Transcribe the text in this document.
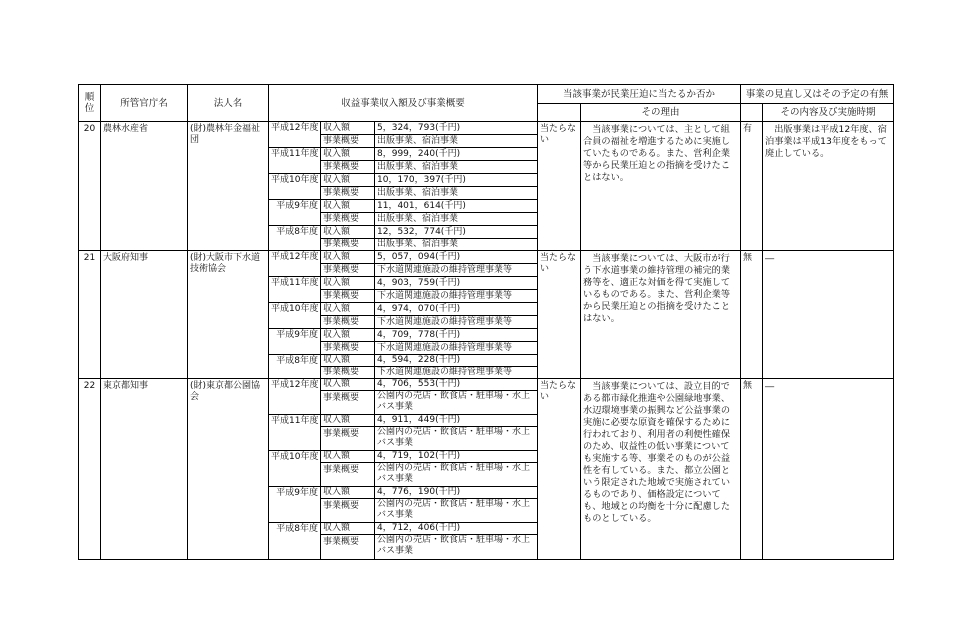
順位	所管官庁名	法人名	収益事業収入額及び事業概要			当該事業が民業圧迫に当たるか否か		事業の見直し又はその予定の有無	
							その理由		その内容及び実施時期
20	農林水産省	(財)農林年金福祉団	平成12年度	収入額	5，324，793(千円)	当たらない	　当該事業については、主として組合員の福祉を増進するために実施していたものである。また、営利企業等から民業圧迫との指摘を受けたことはない。	有	　出版事業は平成12年度、宿泊事業は平成13年度をもって廃止している。
				事業概要	出版事業、宿泊事業				
			平成11年度	収入額	8，999，240(千円)				
				事業概要	出版事業、宿泊事業				
			平成10年度	収入額	10，170，397(千円)				
				事業概要	出版事業、宿泊事業				
			平成9年度	収入額	11，401，614(千円)				
				事業概要	出版事業、宿泊事業				
			平成8年度	収入額	12，532，774(千円)				
				事業概要	出版事業、宿泊事業				
21	大阪府知事	(財)大阪市下水道技術協会	平成12年度	収入額	5，057，094(千円)	当たらない	　当該事業については、大阪市が行う下水道事業の維持管理の補完的業務等を、適正な対価を得て実施しているものである。また、営利企業等から民業圧迫との指摘を受けたことはない。	無	―
				事業概要	下水道関連施設の維持管理事業等				
			平成11年度	収入額	4，903，759(千円)				
				事業概要	下水道関連施設の維持管理事業等				
			平成10年度	収入額	4，974，070(千円)				
				事業概要	下水道関連施設の維持管理事業等				
			平成9年度	収入額	4，709，778(千円)				
				事業概要	下水道関連施設の維持管理事業等				
			平成8年度	収入額	4，594，228(千円)				
				事業概要	下水道関連施設の維持管理事業等				
22	東京都知事	(財)東京都公園協会	平成12年度	収入額	4，706，553(千円)	当たらない	　当該事業については、設立目的である都市緑化推進や公園緑地事業、水辺環境事業の振興など公益事業の実施に必要な原資を確保するために行われており、利用者の利便性確保のため、収益性の低い事業についても実施する等、事業そのものが公益性を有している。また、都立公園という限定された地域で実施されているものであり、価格設定についても、地域との均衡を十分に配慮したものとしている。	無	―
				事業概要	公園内の売店・飲食店・駐車場・水上バス事業				
			平成11年度	収入額	4，911，449(千円)				
				事業概要	公園内の売店・飲食店・駐車場・水上バス事業				
			平成10年度	収入額	4，719，102(千円)				
				事業概要	公園内の売店・飲食店・駐車場・水上バス事業				
			平成9年度	収入額	4，776，190(千円)				
				事業概要	公園内の売店・飲食店・駐車場・水上バス事業				
			平成8年度	収入額	4，712，406(千円)				
				事業概要	公園内の売店・飲食店・駐車場・水上バス事業				
